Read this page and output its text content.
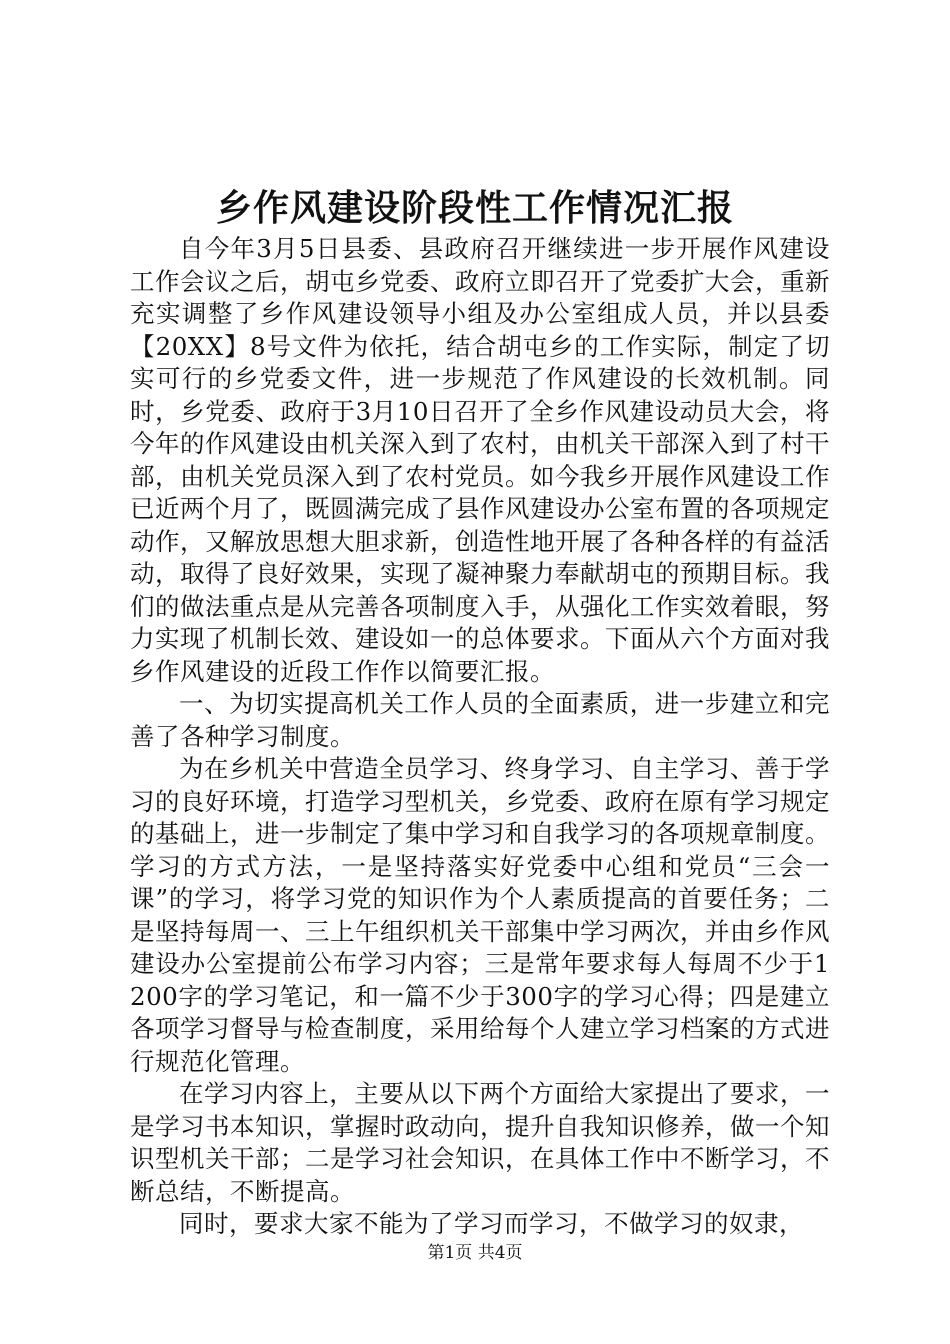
乡作风建设阶段性工作情况汇报

自今年3月5日县委、县政府召开继续进一步开展作风建设工作会议之后，胡屯乡党委、政府立即召开了党委扩大会，重新充实调整了乡作风建设领导小组及办公室组成人员，并以县委【20XX】8号文件为依托，结合胡屯乡的工作实际，制定了切实可行的乡党委文件，进一步规范了作风建设的长效机制。同时，乡党委、政府于3月10日召开了全乡作风建设动员大会，将今年的作风建设由机关深入到了农村，由机关干部深入到了村干部，由机关党员深入到了农村党员。如今我乡开展作风建设工作已近两个月了，既圆满完成了县作风建设办公室布置的各项规定动作，又解放思想大胆求新，创造性地开展了各种各样的有益活动，取得了良好效果，实现了凝神聚力奉献胡屯的预期目标。我们的做法重点是从完善各项制度入手，从强化工作实效着眼，努力实现了机制长效、建设如一的总体要求。下面从六个方面对我乡作风建设的近段工作作以简要汇报。

一、为切实提高机关工作人员的全面素质，进一步建立和完善了各种学习制度。

为在乡机关中营造全员学习、终身学习、自主学习、善于学习的良好环境，打造学习型机关，乡党委、政府在原有学习规定的基础上，进一步制定了集中学习和自我学习的各项规章制度。学习的方式方法，一是坚持落实好党委中心组和党员“三会一课”的学习，将学习党的知识作为个人素质提高的首要任务；二是坚持每周一、三上午组织机关干部集中学习两次，并由乡作风建设办公室提前公布学习内容；三是常年要求每人每周不少于1200字的学习笔记，和一篇不少于300字的学习心得；四是建立各项学习督导与检查制度，采用给每个人建立学习档案的方式进行规范化管理。

在学习内容上，主要从以下两个方面给大家提出了要求，一是学习书本知识，掌握时政动向，提升自我知识修养，做一个知识型机关干部；二是学习社会知识，在具体工作中不断学习，不断总结，不断提高。

同时，要求大家不能为了学习而学习，不做学习的奴隶，

第1页 共4页
